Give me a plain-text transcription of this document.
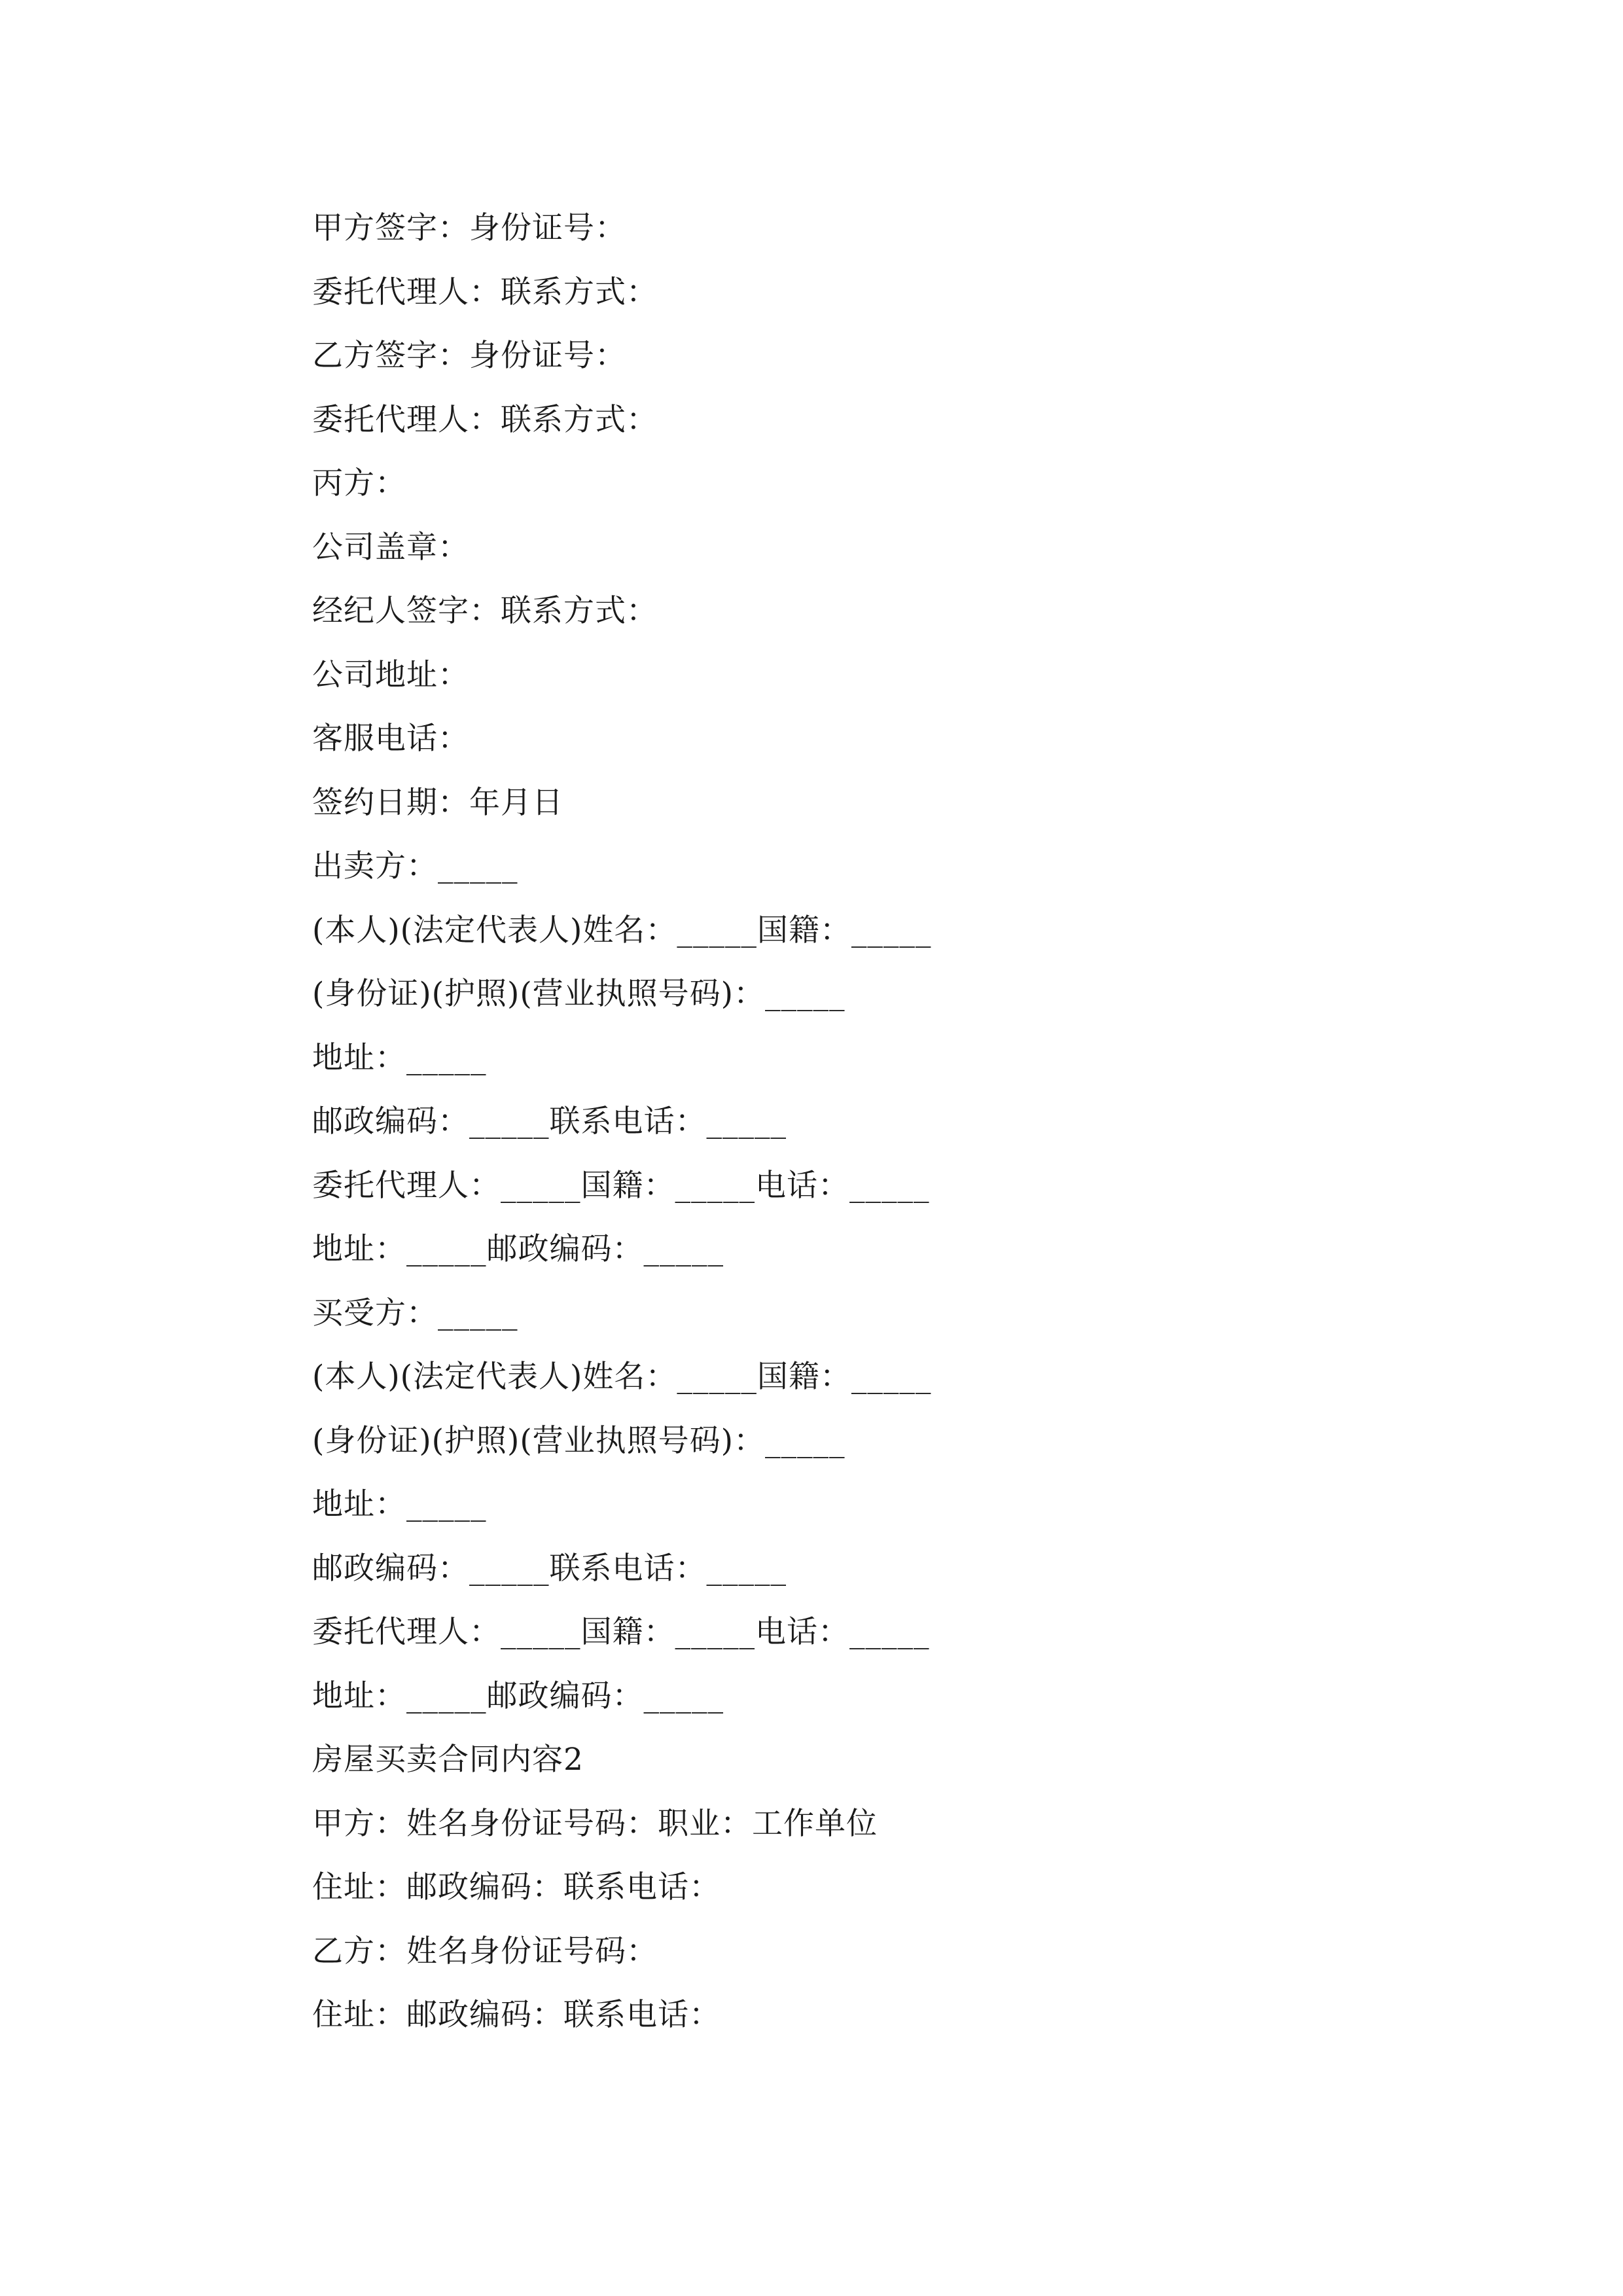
甲方签字：身份证号：
委托代理人：联系方式：
乙方签字：身份证号：
委托代理人：联系方式：
丙方：
公司盖章：
经纪人签字：联系方式：
公司地址：
客服电话：
签约日期：年月日
出卖方：_____
(本人)(法定代表人)姓名：_____国籍：_____
(身份证)(护照)(营业执照号码)：_____
地址：_____
邮政编码：_____联系电话：_____
委托代理人：_____国籍：_____电话：_____
地址：_____邮政编码：_____
买受方：_____
(本人)(法定代表人)姓名：_____国籍：_____
(身份证)(护照)(营业执照号码)：_____
地址：_____
邮政编码：_____联系电话：_____
委托代理人：_____国籍：_____电话：_____
地址：_____邮政编码：_____
房屋买卖合同内容2
甲方：姓名身份证号码：职业：工作单位
住址：邮政编码：联系电话：
乙方：姓名身份证号码：
住址：邮政编码：联系电话：
